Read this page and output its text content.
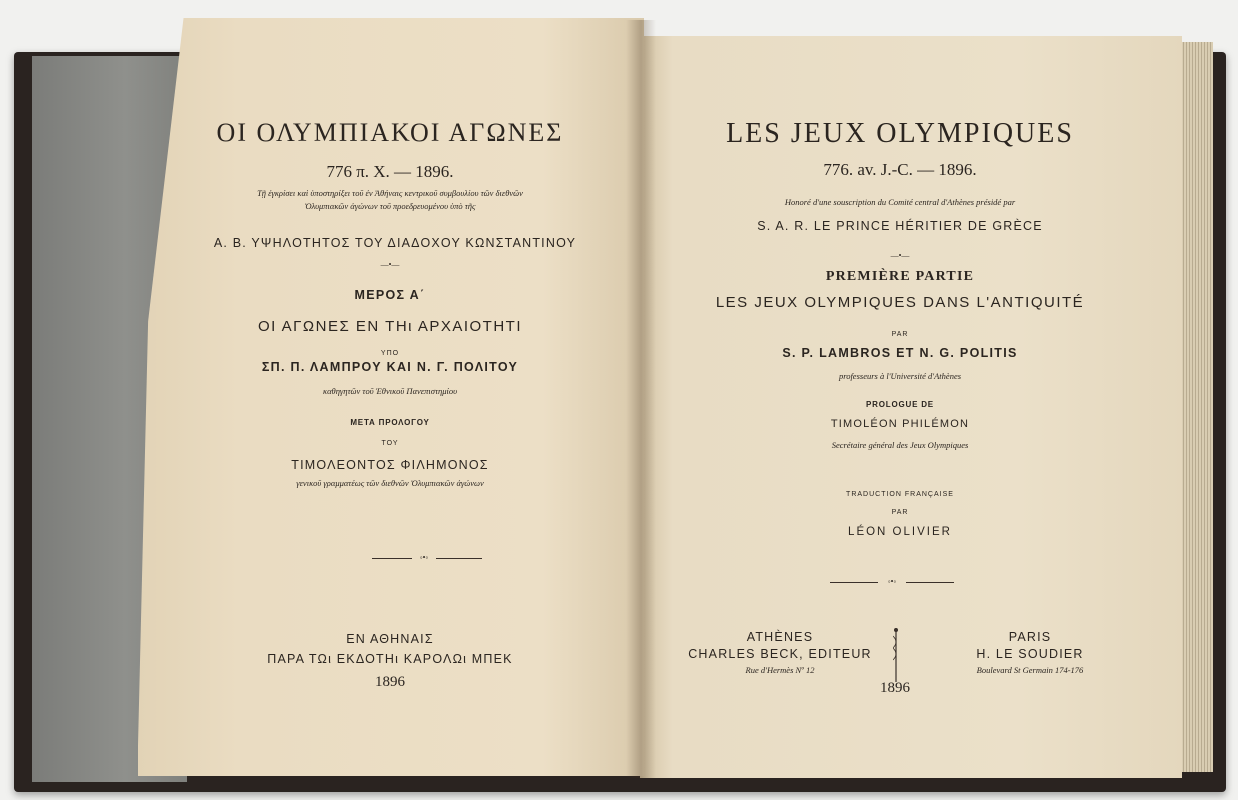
ΟΙ ΟΛΥΜΠΙΑΚΟΙ ΑΓΩΝΕΣ
776 π. Χ. — 1896.
Τῇ ἐγκρίσει καὶ ὑποστηρίξει τοῦ ἐν Ἀθήναις κεντρικοῦ συμβουλίου τῶν διεθνῶν
Ὀλυμπιακῶν ἀγώνων τοῦ προεδρευομένου ὑπὸ τῆς
Α. Β. ΥΨΗΛΟΤΗΤΟΣ ΤΟΥ ΔΙΑΔΟΧΟΥ ΚΩΝΣΤΑΝΤΙΝΟΥ
—•—
ΜΕΡΟΣ Α΄
ΟΙ ΑΓΩΝΕΣ ΕΝ ΤΗι ΑΡΧΑΙΟΤΗΤΙ
ΥΠΟ
ΣΠ. Π. ΛΑΜΠΡΟΥ ΚΑΙ Ν. Γ. ΠΟΛΙΤΟΥ
καθηγητῶν τοῦ Ἐθνικοῦ Πανεπιστημίου
ΜΕΤΑ ΠΡΟΛΟΓΟΥ
ΤΟΥ
ΤΙΜΟΛΕΟΝΤΟΣ ΦΙΛΗΜΟΝΟΣ
γενικοῦ γραμματέως τῶν διεθνῶν Ὀλυμπιακῶν ἀγώνων
◦•◦
ΕΝ ΑΘΗΝΑΙΣ
ΠΑΡΑ ΤΩι ΕΚΔΟΤΗι ΚΑΡΟΛΩι ΜΠΕΚ
1896
LES JEUX OLYMPIQUES
776. av. J.-C. — 1896.
Honoré d'une souscription du Comité central d'Athènes présidé par
S. A. R. LE PRINCE HÉRITIER DE GRÈCE
—•—
PREMIÈRE PARTIE
LES JEUX OLYMPIQUES DANS L'ANTIQUITÉ
PAR
S. P. LAMBROS ET N. G. POLITIS
professeurs à l'Université d'Athènes
PROLOGUE DE
TIMOLÉON PHILÉMON
Secrétaire général des Jeux Olympiques
TRADUCTION FRANÇAISE
PAR
LÉON OLIVIER
◦•◦
ATHÈNES
CHARLES BECK, EDITEUR
Rue d'Hermès Nº 12
PARIS
H. LE SOUDIER
Boulevard St Germain 174-176
1896
